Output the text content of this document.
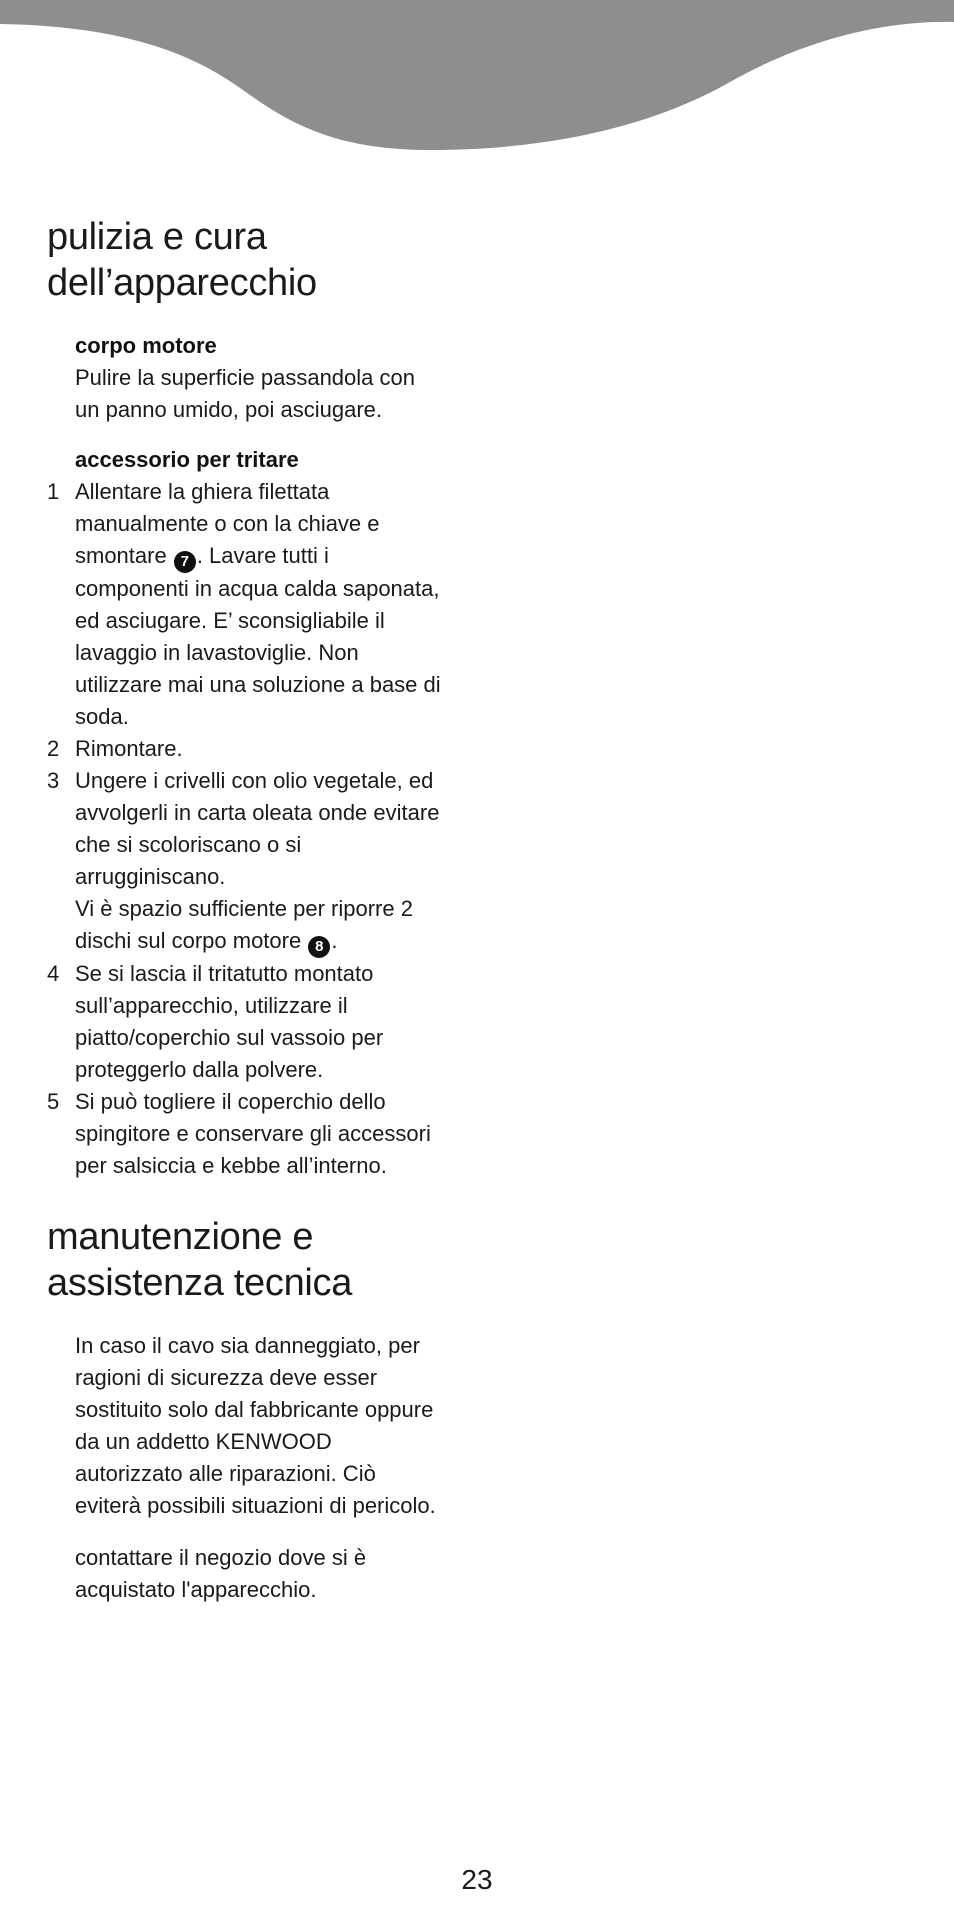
pulizia e cura
dell’apparecchio
corpo motore
Pulire la superficie passandola con
un panno umido, poi asciugare.
accessorio per tritare
1 Allentare la ghiera filettata
manualmente o con la chiave e
smontare 7 . Lavare tutti i
componenti in acqua calda saponata,
ed asciugare. E’ sconsigliabile il
lavaggio in lavastoviglie. Non
utilizzare mai una soluzione a base di
soda.
2 Rimontare.
3 Ungere i crivelli con olio vegetale, ed
avvolgerli in carta oleata onde evitare
che si scoloriscano o si
arrugginiscano.
Vi è spazio sufficiente per riporre 2
dischi sul corpo motore 8 .
4 Se si lascia il tritatutto montato
sull’apparecchio, utilizzare il
piatto/coperchio sul vassoio per
proteggerlo dalla polvere.
5 Si può togliere il coperchio dello
spingitore e conservare gli accessori
per salsiccia e kebbe all’interno.
manutenzione e
assistenza tecnica
In caso il cavo sia danneggiato, per
ragioni di sicurezza deve esser
sostituito solo dal fabbricante oppure
da un addetto KENWOOD
autorizzato alle riparazioni. Ciò
eviterà possibili situazioni di pericolo.
contattare il negozio dove si è
acquistato l'apparecchio.
23
